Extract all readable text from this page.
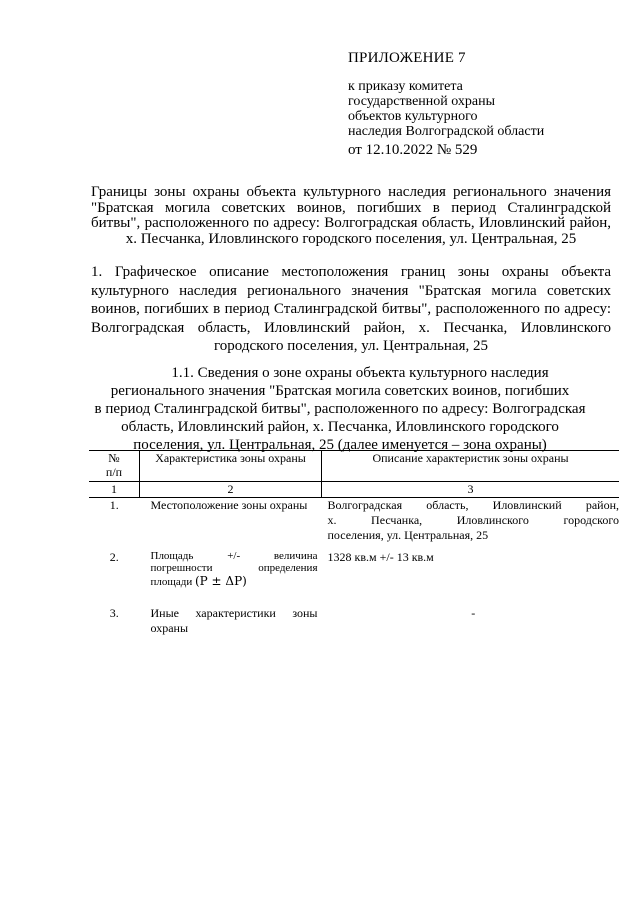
ПРИЛОЖЕНИЕ 7
к приказу комитета
государственной охраны
объектов культурного
наследия Волгоградской области
от 12.10.2022 № 529
Границы зоны охраны объекта культурного наследия регионального значения
"Братская могила советских воинов, погибших в период Сталинградской
битвы", расположенного по адресу: Волгоградская область, Иловлинский район,
х. Песчанка, Иловлинского городского поселения, ул. Центральная, 25
1. Графическое описание местоположения границ зоны охраны объекта
культурного наследия регионального значения "Братская могила советских
воинов, погибших в период Сталинградской битвы", расположенного по адресу:
Волгоградская область, Иловлинский район, х. Песчанка, Иловлинского
городского поселения, ул. Центральная, 25
1.1. Сведения о зоне охраны объекта культурного наследия
регионального значения "Братская могила советских воинов, погибших
в период Сталинградской битвы", расположенного по адресу: Волгоградская
область, Иловлинский район, х. Песчанка, Иловлинского городского
поселения, ул. Центральная, 25 (далее именуется – зона охраны)
№
п/п	Характеристика зоны охраны	Описание характеристик зоны охраны
1	2	3
1.	Местоположение зоны охраны	Волгоградская область, Иловлинский район,
х. Песчанка, Иловлинского городского
поселения, ул. Центральная, 25

2.	Площадь +/- величина
погрешности определения
площади (P ± ΔP)	1328 кв.м +/- 13 кв.м

3.	Иные характеристики зоны
охраны	-
